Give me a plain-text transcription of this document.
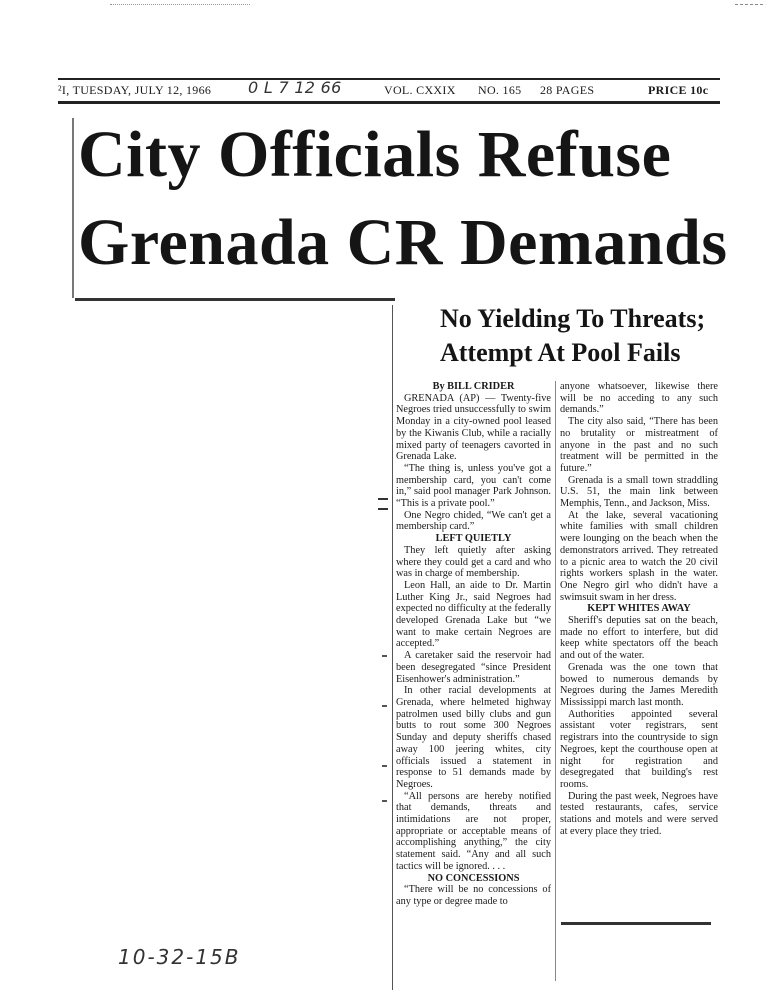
²I, TUESDAY, JULY 12, 1966 0 L 7 12 66	VOL. CXXIX NO. 165 28 PAGES	PRICE 10c
City Officials Refuse
Grenada CR Demands
No Yielding To Threats;
Attempt At Pool Fails

By BILL CRIDER

GRENADA (AP) — Twenty-five Negroes tried unsuccessfully to swim Monday in a city-owned pool leased by the Kiwanis Club, while a racially mixed party of teenagers cavorted in Grenada Lake.

“The thing is, unless you've got a membership card, you can't come in,” said pool manager Park Johnson. “This is a private pool.”

One Negro chided, “We can't get a membership card.”

LEFT QUIETLY

They left quietly after asking where they could get a card and who was in charge of membership.

Leon Hall, an aide to Dr. Martin Luther King Jr., said Negroes had expected no difficulty at the federally developed Grenada Lake but “we want to make certain Negroes are accepted.”

A caretaker said the reservoir had been desegregated “since President Eisenhower's administration.”

In other racial developments at Grenada, where helmeted highway patrolmen used billy clubs and gun butts to rout some 300 Negroes Sunday and deputy sheriffs chased away 100 jeering whites, city officials issued a statement in response to 51 demands made by Negroes.

“All persons are hereby notified that demands, threats and intimidations are not proper, appropriate or acceptable means of accomplishing anything,” the city statement said. “Any and all such tactics will be ignored. . . .

NO CONCESSIONS

“There will be no concessions of any type or degree made to

anyone whatsoever, likewise there will be no acceding to any such demands.”

The city also said, “There has been no brutality or mistreatment of anyone in the past and no such treatment will be permitted in the future.”

Grenada is a small town straddling U.S. 51, the main link between Memphis, Tenn., and Jackson, Miss.

At the lake, several vacationing white families with small children were lounging on the beach when the demonstrators arrived. They retreated to a picnic area to watch the 20 civil rights workers splash in the water. One Negro girl who didn't have a swimsuit swam in her dress.

KEPT WHITES AWAY

Sheriff's deputies sat on the beach, made no effort to interfere, but did keep white spectators off the beach and out of the water.

Grenada was the one town that bowed to numerous demands by Negroes during the James Meredith Mississippi march last month.

Authorities appointed several assistant voter registrars, sent registrars into the countryside to sign Negroes, kept the courthouse open at night for registration and desegregated that building's rest rooms.

During the past week, Negroes have tested restaurants, cafes, service stations and motels and were served at every place they tried.

10-32-15B
